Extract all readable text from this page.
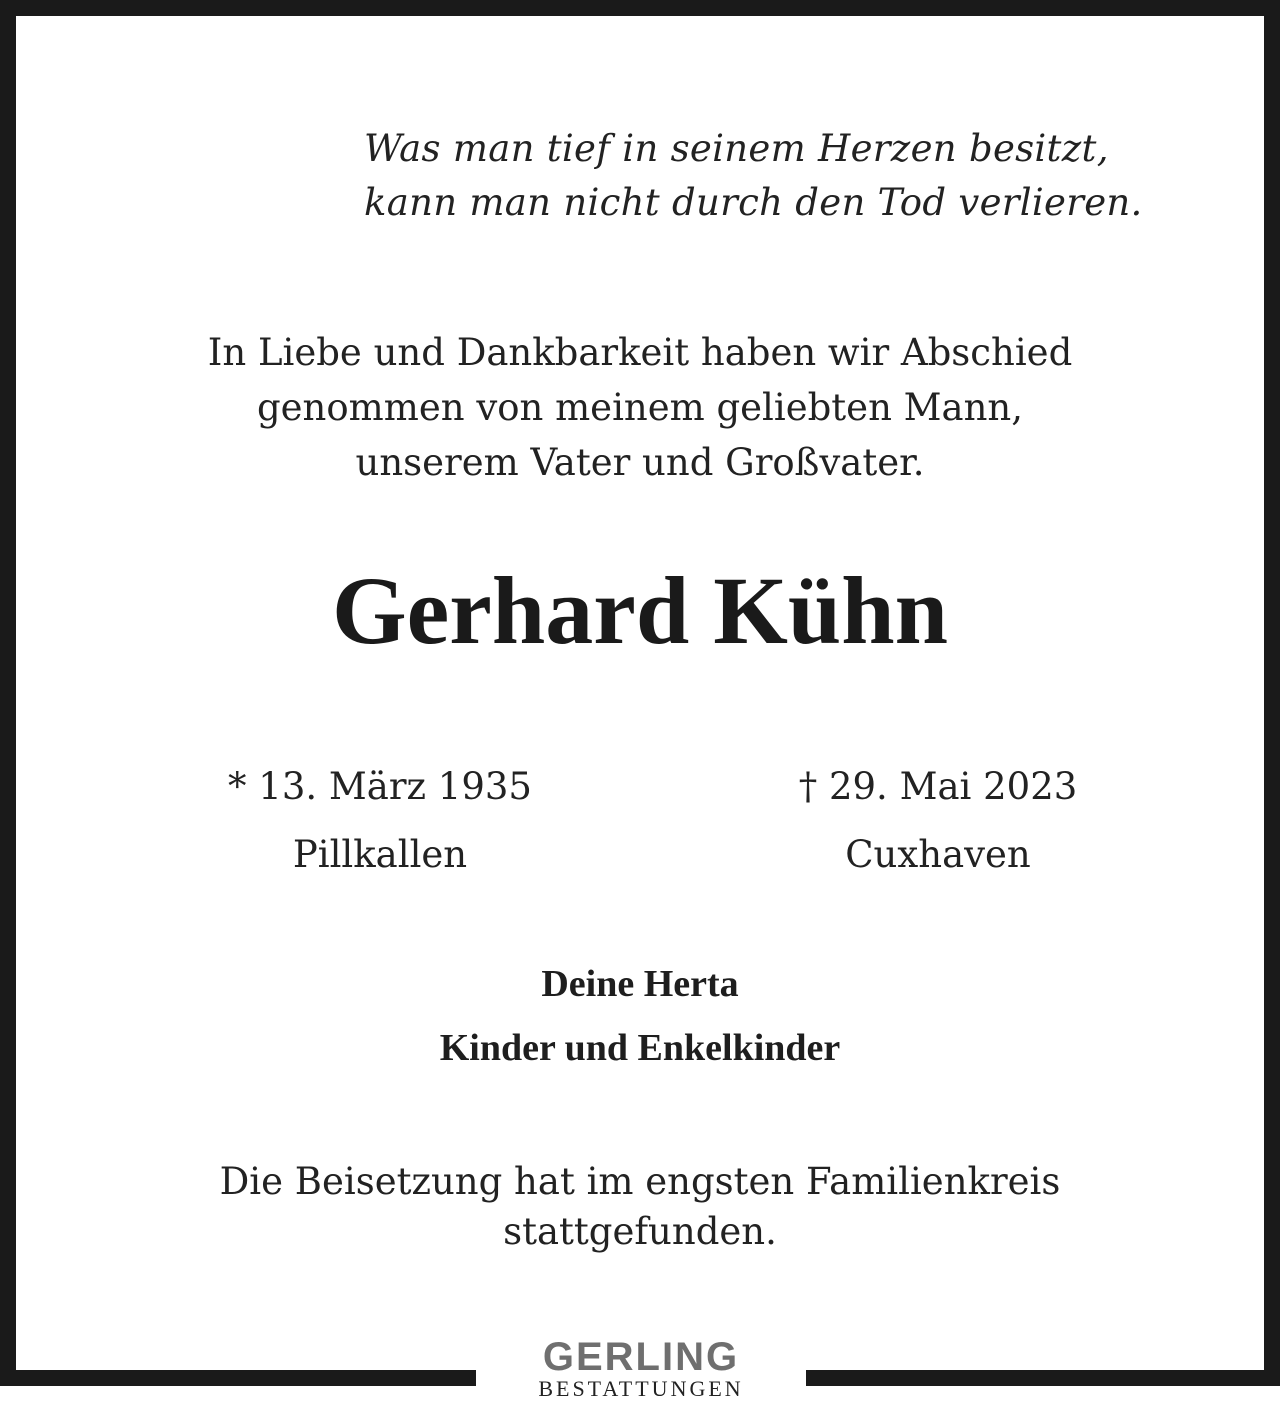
Was man tief in seinem Herzen besitzt,
kann man nicht durch den Tod verlieren.
In Liebe und Dankbarkeit haben wir Abschied
genommen von meinem geliebten Mann,
unserem Vater und Großvater.
Gerhard Kühn
* 13. März 1935
Pillkallen
† 29. Mai 2023
Cuxhaven
Deine Herta
Kinder und Enkelkinder
Die Beisetzung hat im engsten Familienkreis
stattgefunden.
GERLING
BESTATTUNGEN
